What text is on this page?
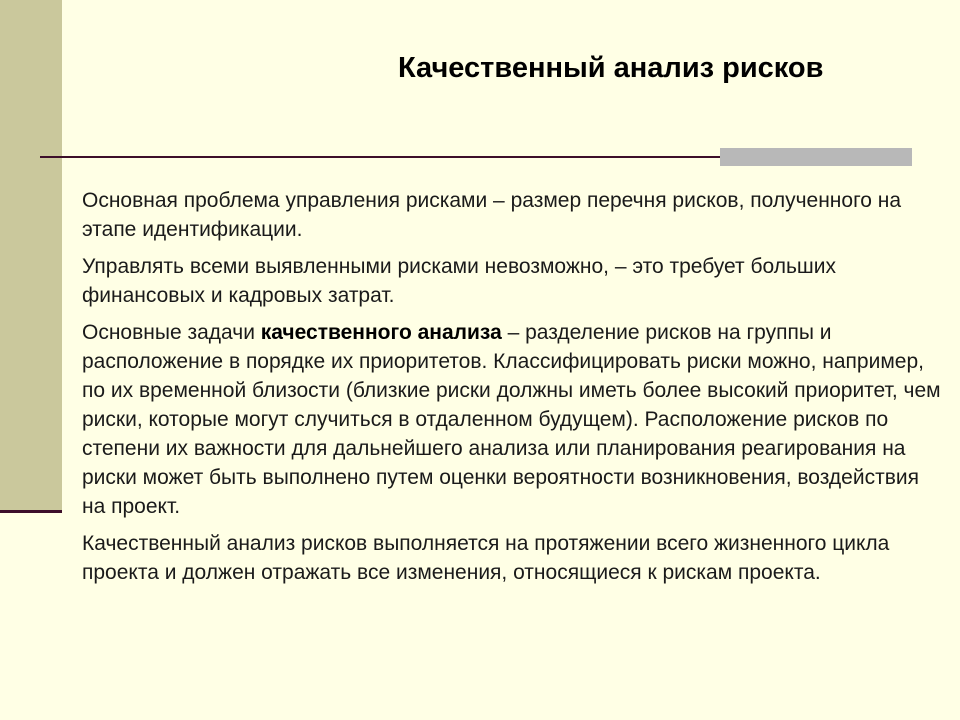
Качественный анализ рисков

Основная проблема управления рисками – размер перечня рисков, полученного на этапе идентификации.

Управлять всеми выявленными рисками невозможно, – это требует больших финансовых и кадровых затрат.

Основные задачи качественного анализа – разделение рисков на группы и расположение в порядке их приоритетов. Классифицировать риски можно, например, по их временной близости (близкие риски должны иметь более высокий приоритет, чем риски, которые могут случиться в отдаленном будущем). Расположение рисков по степени их важности для дальнейшего анализа или планирования реагирования на риски может быть выполнено путем оценки вероятности возникновения, воздействия на проект.

Качественный анализ рисков выполняется на протяжении всего жизненного цикла проекта и должен отражать все изменения, относящиеся к рискам проекта.
